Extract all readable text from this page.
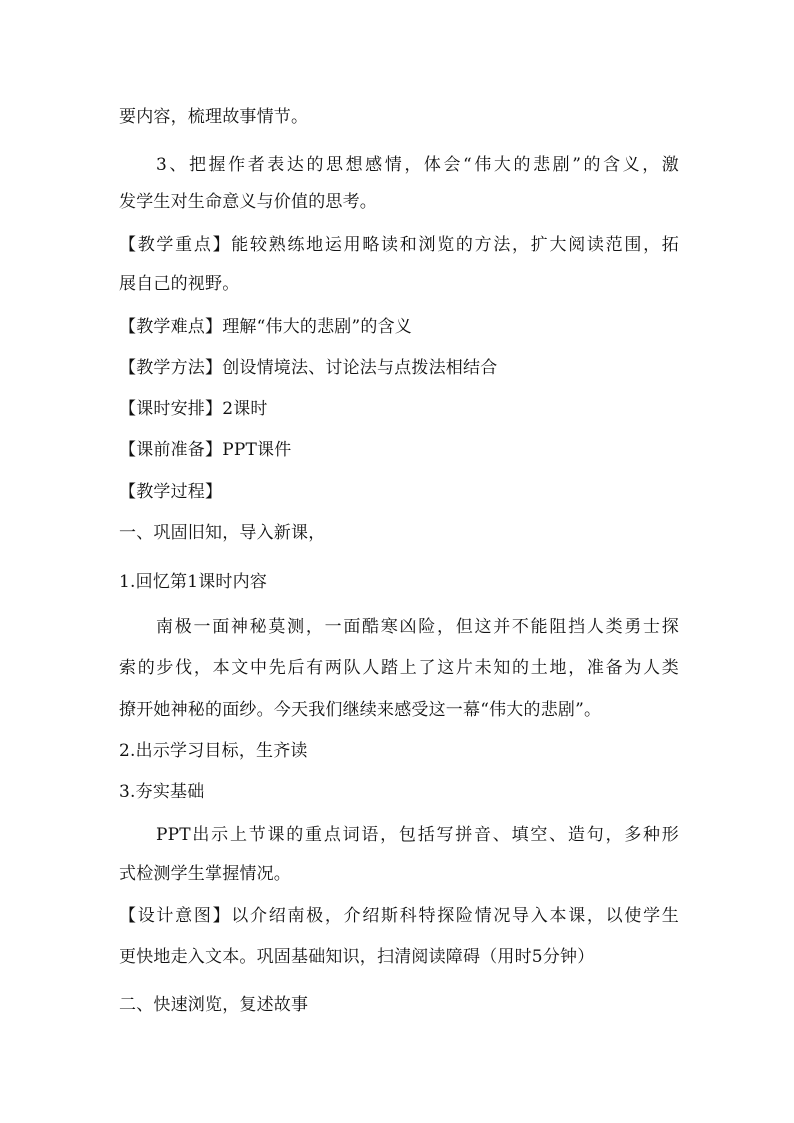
要内容，梳理故事情节。
3、把握作者表达的思想感情，体会“伟大的悲剧”的含义，激
发学生对生命意义与价值的思考。
【教学重点】能较熟练地运用略读和浏览的方法，扩大阅读范围，拓
展自己的视野。
【教学难点】理解“伟大的悲剧”的含义
【教学方法】创设情境法、讨论法与点拨法相结合
【课时安排】2课时
【课前准备】PPT课件
【教学过程】
一、巩固旧知，导入新课，
1.回忆第1课时内容
南极一面神秘莫测，一面酷寒凶险，但这并不能阻挡人类勇士探
索的步伐，本文中先后有两队人踏上了这片未知的土地，准备为人类
撩开她神秘的面纱。今天我们继续来感受这一幕“伟大的悲剧”。
2.出示学习目标，生齐读
3.夯实基础
PPT出示上节课的重点词语，包括写拼音、填空、造句，多种形
式检测学生掌握情况。
【设计意图】以介绍南极，介绍斯科特探险情况导入本课，以使学生
更快地走入文本。巩固基础知识，扫清阅读障碍（用时5分钟）
二、快速浏览，复述故事
